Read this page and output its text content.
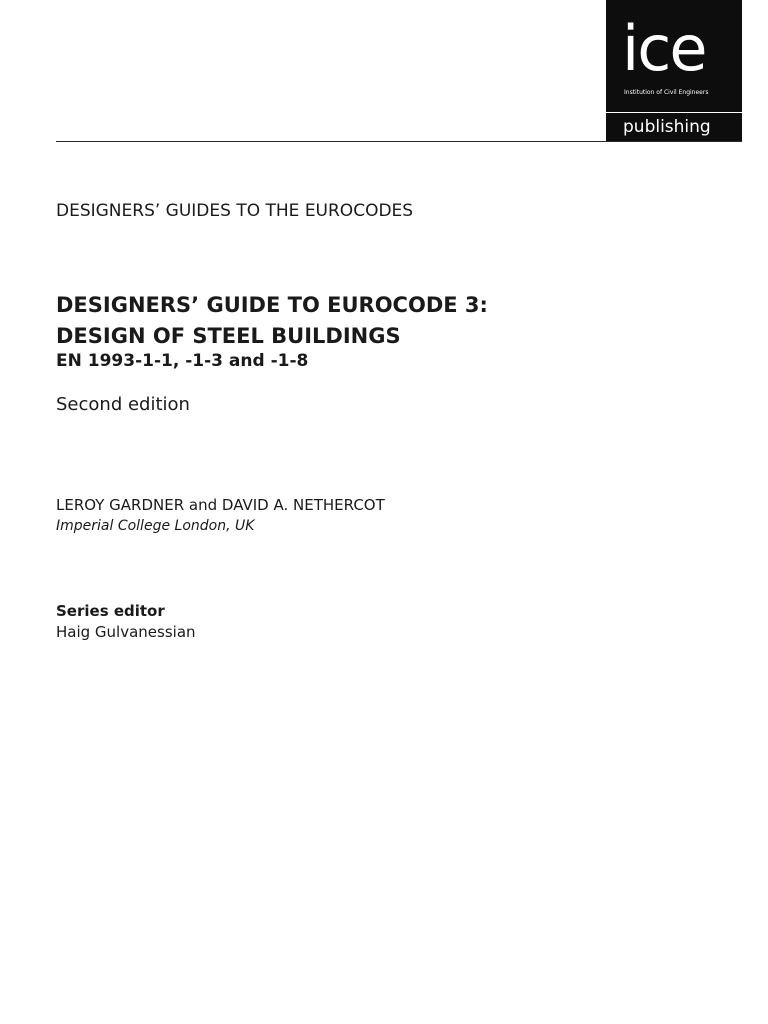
ice
Institution of Civil Engineers
publishing
DESIGNERS’ GUIDES TO THE EUROCODES
DESIGNERS’ GUIDE TO EUROCODE 3:
DESIGN OF STEEL BUILDINGS
EN 1993-1-1, -1-3 and -1-8
Second edition
LEROY GARDNER and DAVID A. NETHERCOT
Imperial College London, UK
Series editor
Haig Gulvanessian
